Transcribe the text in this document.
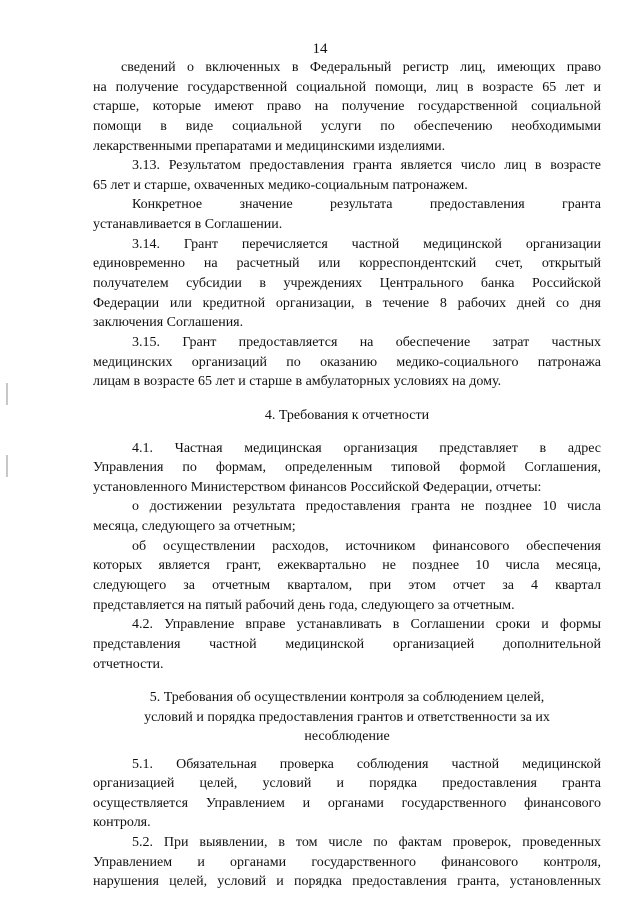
14
сведений о включенных в Федеральный регистр лиц, имеющих право
на получение государственной социальной помощи, лиц в возрасте 65 лет и
старше, которые имеют право на получение государственной социальной
помощи в виде социальной услуги по обеспечению необходимыми
лекарственными препаратами и медицинскими изделиями.
3.13. Результатом предоставления гранта является число лиц в возрасте
65 лет и старше, охваченных медико-социальным патронажем.
Конкретное значение результата предоставления гранта
устанавливается в Соглашении.
3.14. Грант перечисляется частной медицинской организации
единовременно на расчетный или корреспондентский счет, открытый
получателем субсидии в учреждениях Центрального банка Российской
Федерации или кредитной организации, в течение 8 рабочих дней со дня
заключения Соглашения.
3.15. Грант предоставляется на обеспечение затрат частных
медицинских организаций по оказанию медико-социального патронажа
лицам в возрасте 65 лет и старше в амбулаторных условиях на дому.
4. Требования к отчетности
4.1. Частная медицинская организация представляет в адрес
Управления по формам, определенным типовой формой Соглашения,
установленного Министерством финансов Российской Федерации, отчеты:
о достижении результата предоставления гранта не позднее 10 числа
месяца, следующего за отчетным;
об осуществлении расходов, источником финансового обеспечения
которых является грант, ежеквартально не позднее 10 числа месяца,
следующего за отчетным кварталом, при этом отчет за 4 квартал
представляется на пятый рабочий день года, следующего за отчетным.
4.2. Управление вправе устанавливать в Соглашении сроки и формы
представления частной медицинской организацией дополнительной
отчетности.
5. Требования об осуществлении контроля за соблюдением целей,
условий и порядка предоставления грантов и ответственности за их
несоблюдение
5.1. Обязательная проверка соблюдения частной медицинской
организацией целей, условий и порядка предоставления гранта
осуществляется Управлением и органами государственного финансового
контроля.
5.2. При выявлении, в том числе по фактам проверок, проведенных
Управлением и органами государственного финансового контроля,
нарушения целей, условий и порядка предоставления гранта, установленных
